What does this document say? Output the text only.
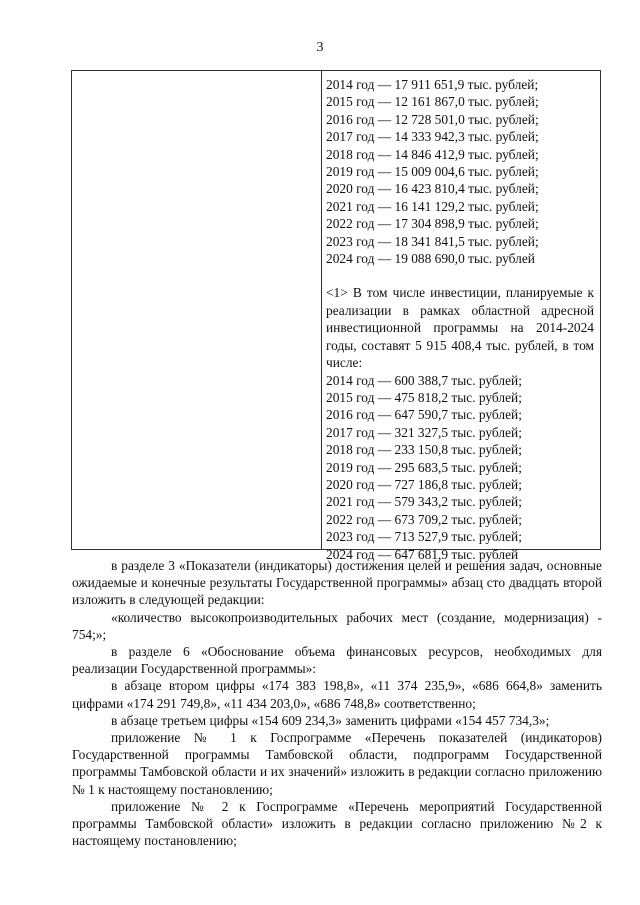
3
2014 год — 17 911 651,9 тыс. рублей;
2015 год — 12 161 867,0 тыс. рублей;
2016 год — 12 728 501,0 тыс. рублей;
2017 год — 14 333 942,3 тыс. рублей;
2018 год — 14 846 412,9 тыс. рублей;
2019 год — 15 009 004,6 тыс. рублей;
2020 год — 16 423 810,4 тыс. рублей;
2021 год — 16 141 129,2 тыс. рублей;
2022 год — 17 304 898,9 тыс. рублей;
2023 год — 18 341 841,5 тыс. рублей;
2024 год — 19 088 690,0 тыс. рублей
<1> В том числе инвестиции, планируемые к реализации в рамках областной адресной инвестиционной программы на 2014-2024 годы, составят 5 915 408,4 тыс. рублей, в том числе:
2014 год — 600 388,7 тыс. рублей;
2015 год — 475 818,2 тыс. рублей;
2016 год — 647 590,7 тыс. рублей;
2017 год — 321 327,5 тыс. рублей;
2018 год — 233 150,8 тыс. рублей;
2019 год — 295 683,5 тыс. рублей;
2020 год — 727 186,8 тыс. рублей;
2021 год — 579 343,2 тыс. рублей;
2022 год — 673 709,2 тыс. рублей;
2023 год — 713 527,9 тыс. рублей;
2024 год — 647 681,9 тыс. рублей

в разделе 3 «Показатели (индикаторы) достижения целей и решения задач, основные ожидаемые и конечные результаты Государственной программы» абзац сто двадцать второй изложить в следующей редакции:

«количество высокопроизводительных рабочих мест (создание, модернизация) - 754;»;

в разделе 6 «Обоснование объема финансовых ресурсов, необходимых для реализации Государственной программы»:

в абзаце втором цифры «174 383 198,8», «11 374 235,9», «686 664,8» заменить цифрами «174 291 749,8», «11 434 203,0», «686 748,8» соответственно;

в абзаце третьем цифры «154 609 234,3» заменить цифрами «154 457 734,3»;

приложение № 1 к Госпрограмме «Перечень показателей (индикаторов) Государственной программы Тамбовской области, подпрограмм Государственной программы Тамбовской области и их значений» изложить в редакции согласно приложению № 1 к настоящему постановлению;

приложение № 2 к Госпрограмме «Перечень мероприятий Государственной программы Тамбовской области» изложить в редакции согласно приложению №2 к настоящему постановлению;
